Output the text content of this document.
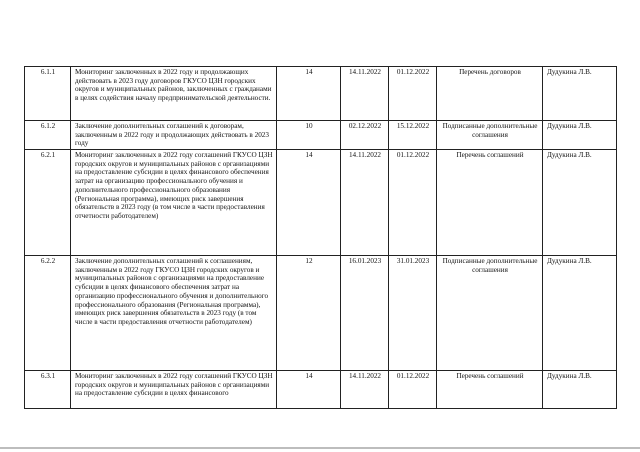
6.1.1	Мониторинг заключенных в 2022 году и продолжающих действовать в 2023 году договоров ГКУСО ЦЗН городских округов и муниципальных районов, заключенных с гражданами в целях содействия началу предпринимательской деятельности.	14	14.11.2022	01.12.2022	Перечень договоров	Дудукина Л.В.
6.1.2	Заключение дополнительных соглашений к договорам, заключенным в 2022 году и продолжающих действовать в 2023 году	10	02.12.2022	15.12.2022	Подписанные дополнительные соглашения	Дудукина Л.В.
6.2.1	Мониторинг заключенных в 2022 году соглашений ГКУСО ЦЗН городских округов и муниципальных районов с организациями на предоставление субсидии в целях финансового обеспечения затрат на организацию профессионального обучения и дополнительного профессионального образования (Региональная программа), имеющих риск завершения обязательств в 2023 году (в том числе в части предоставления отчетности работодателем)	14	14.11.2022	01.12.2022	Перечень соглашений	Дудукина Л.В.
6.2.2	Заключение дополнительных соглашений к соглашениям, заключенным в 2022 году ГКУСО ЦЗН городских округов и муниципальных районов с организациями на предоставление субсидии в целях финансового обеспечения затрат на организацию профессионального обучения и дополнительного профессионального образования (Региональная программа), имеющих риск завершения обязательств в 2023 году (в том числе в части предоставления отчетности работодателем)	12	16.01.2023	31.01.2023	Подписанные дополнительные соглашения	Дудукина Л.В.
6.3.1	Мониторинг заключенных в 2022 году соглашений ГКУСО ЦЗН городских округов и муниципальных районов с организациями на предоставление субсидии в целях финансового	14	14.11.2022	01.12.2022	Перечень соглашений	Дудукина Л.В.
